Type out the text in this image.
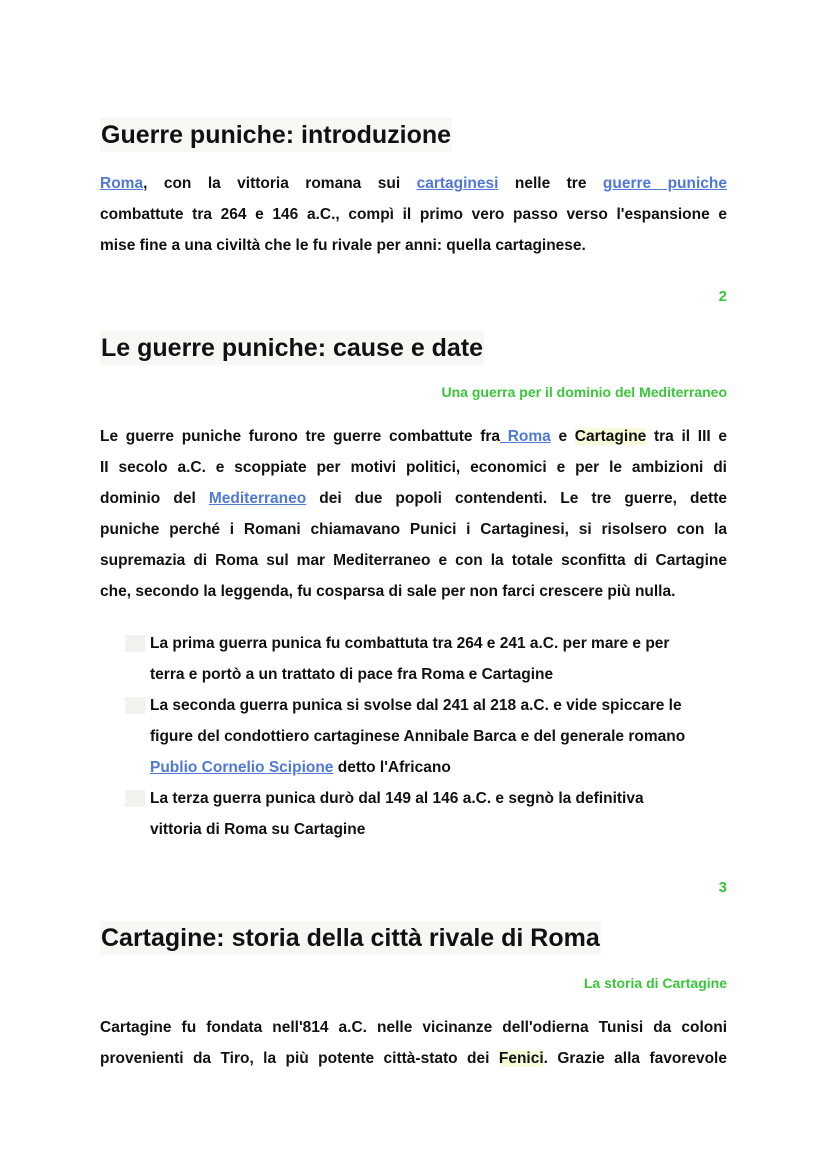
Guerre puniche: introduzione
Roma, con la vittoria romana sui cartaginesi nelle tre guerre puniche
combattute tra 264 e 146 a.C., compì il primo vero passo verso l'espansione e
mise fine a una civiltà che le fu rivale per anni: quella cartaginese.
2
Le guerre puniche: cause e date
Una guerra per il dominio del Mediterraneo
Le guerre puniche furono tre guerre combattute fra Roma e Cartagine tra il III e
II secolo a.C. e scoppiate per motivi politici, economici e per le ambizioni di
dominio del Mediterraneo dei due popoli contendenti. Le tre guerre, dette
puniche perché i Romani chiamavano Punici i Cartaginesi, si risolsero con la
supremazia di Roma sul mar Mediterraneo e con la totale sconfitta di Cartagine
che, secondo la leggenda, fu cosparsa di sale per non farci crescere più nulla.
La prima guerra punica fu combattuta tra 264 e 241 a.C. per mare e per
terra e portò a un trattato di pace fra Roma e Cartagine
La seconda guerra punica si svolse dal 241 al 218 a.C. e vide spiccare le
figure del condottiero cartaginese Annibale Barca e del generale romano
Publio Cornelio Scipione detto l'Africano
La terza guerra punica durò dal 149 al 146 a.C. e segnò la definitiva
vittoria di Roma su Cartagine
3
Cartagine: storia della città rivale di Roma
La storia di Cartagine
Cartagine fu fondata nell'814 a.C. nelle vicinanze dell'odierna Tunisi da coloni
provenienti da Tiro, la più potente città-stato dei Fenici. Grazie alla favorevole
